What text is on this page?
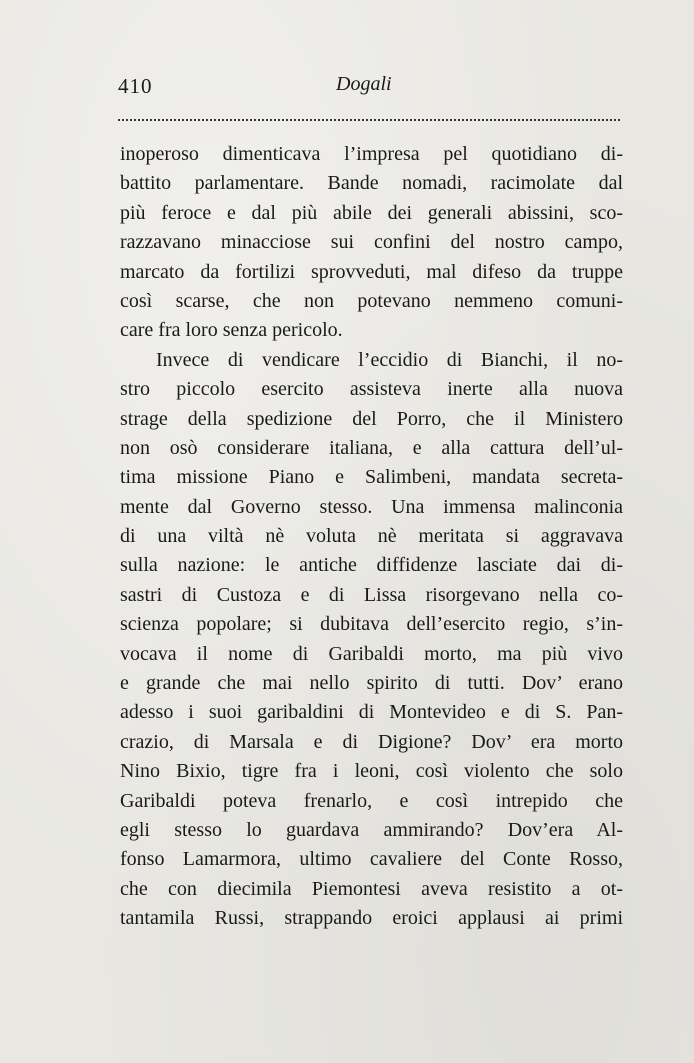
410	Dogali
inoperoso dimenticava l’impresa pel quotidiano di-
battito parlamentare. Bande nomadi, racimolate dal
più feroce e dal più abile dei generali abissini, sco-
razzavano minacciose sui confini del nostro campo,
marcato da fortilizi sprovveduti, mal difeso da truppe
così scarse, che non potevano nemmeno comuni-
care fra loro senza pericolo.
Invece di vendicare l’eccidio di Bianchi, il no-
stro piccolo esercito assisteva inerte alla nuova
strage della spedizione del Porro, che il Ministero
non osò considerare italiana, e alla cattura dell’ul-
tima missione Piano e Salimbeni, mandata secreta-
mente dal Governo stesso. Una immensa malinconia
di una viltà nè voluta nè meritata si aggravava
sulla nazione: le antiche diffidenze lasciate dai di-
sastri di Custoza e di Lissa risorgevano nella co-
scienza popolare; si dubitava dell’esercito regio, s’in-
vocava il nome di Garibaldi morto, ma più vivo
e grande che mai nello spirito di tutti. Dov’ erano
adesso i suoi garibaldini di Montevideo e di S. Pan-
crazio, di Marsala e di Digione? Dov’ era morto
Nino Bixio, tigre fra i leoni, così violento che solo
Garibaldi poteva frenarlo, e così intrepido che
egli stesso lo guardava ammirando? Dov’era Al-
fonso Lamarmora, ultimo cavaliere del Conte Rosso,
che con diecimila Piemontesi aveva resistito a ot-
tantamila Russi, strappando eroici applausi ai primi
